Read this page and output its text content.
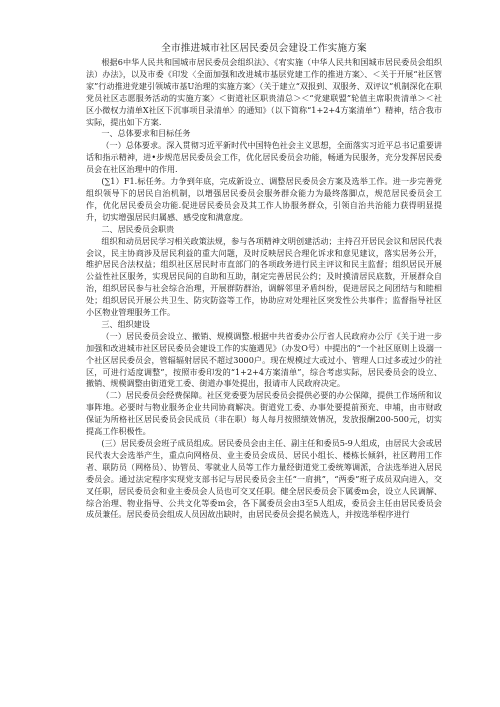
全市推进城市社区居民委员会建设工作实施方案

根据6中华人民共和国城市居民委员会组织法》、《宥实施（中华人民共和国城市居民委员会组织法）办法》，以及市委《印发〈全面加强和改进城市基层党建工作的推进方案〉、＜关于开展“社区管家”行动推进党建引领城市基U治理的实施方案〉（关于建立“双报到、双服务、双评议”机制深化在职党员社区志愿服务活动的实施方案〉＜街道社区职贵清总＞＜“党建联盟”轮值主席职贵清单＞＜社区小微权力清单X社区下沉事项目录清单〉的通知》（以下简称“1+2+4方案清单”）精神，结合我市实际，提出如下方案.

一、总体要求和目标任务

（一）总体要求。深入贯彻习近平新时代中国特色社会主义思想，全面落实习近平总书记重要讲话和指示精神，进•步规范居民委员会工作，优化居民委员会功能，畅通为民服务，充分发挥居民委员会在社区治理中的作用.

(∑1）F1.标任务。力争到年底，完成新设立、调整居民委员会方案及选举工作。进一步完善党组织领导下的居民自治机制，以增强居民委员会服务群众能力为最终落脚点，规范居民委员会工作，优化居民委员会功能.促进居民委员会及其工作人协服务群众，引领自治共治能力获得明显提升，切实增强居民归属感、感受度和满意度。

二、居民委员会职贵

组织和动员居民学习相关政策法规，参与各项精神文明创建活动；主持召开居民会议和居民代表会议，民主协商涉及居民利益的重大问题，及时反映居民合理化诉求和意见建议，落实居务公开，维护居民合法权益；组织社区居民时市直部门的各项政务进行民主评议和民主监督；组织居民开展公益性社区服务，实现居民间的自助和互助，制定完善居民公约；及时摸清居民底数，开展群众自治，组织居民参与社会综合治理，开展群防群治，调解邻里矛盾纠纷，促进居民之间团结与和睦相处；组织居民开展公共卫生、防灾防盗等工作，协助应对处理社区突发性公共事件；监督指导社区小区物业管理服务工作。

三、组织建设

（一）居民委员会设立、撤销、规模调整.根据中共省委办公厅省人民政府办公厅《关于进一步加强和改进城市社区居民委员会建设工作的实施遇见》（办发O号）中提出的“一个社区原则上设溺一个社区居民委员会，管辐辐射居民不超过3000户。现在规模过大或过小、管理人口过多或过少的社区，可进行适度调整”，按照市委印发的“1+2+4方案清单”，综合考虑实际，居民委员会的设立、撤销、规模调整由街道党工委、街道办事处提出，报请市人民政府决定。

（二）居民委员会经费保障。社区党委要为居民委员会提供必要的办公保障，提供工作场所和议事阵地。必要时与物业服务企业共同协商解决。街道党工委、办事处要提前预充、申埔，由市财政保证为所格社区居民委员会民成员（非在职）每人每月按照绩效情况，发放报酬200-500元，切实提高工作积极性。

(三）居民委员会班子成员组成。居民委员会由主任、副主任和委员5-9人组成，由居民大会或居民代表大会选举产生，重点向网格员、业主委员会成员、居民小组长、楼栋长倾斜，社区聘用工作者、联防员（网格员）、协管员、零就业人员等工作力量经街道党工委统筹调派，合法选举进入居民委员会。通过法定程序实现党支部书记与居民委员会主任“一肩挑”，“两委”班子成员双向进入，交叉任职，居民委员会和业主委员会人员也可交叉任职。健全居民委员会下属委m会，设立人民调解、综合治理、物业指导、公共文化等委m会，各下属委员会由3至5人组成，委员会主任由居民委员会成员兼任。居民委员会组成人员因故出缺时，由居民委员会提名候选人，并按选举程序进行
